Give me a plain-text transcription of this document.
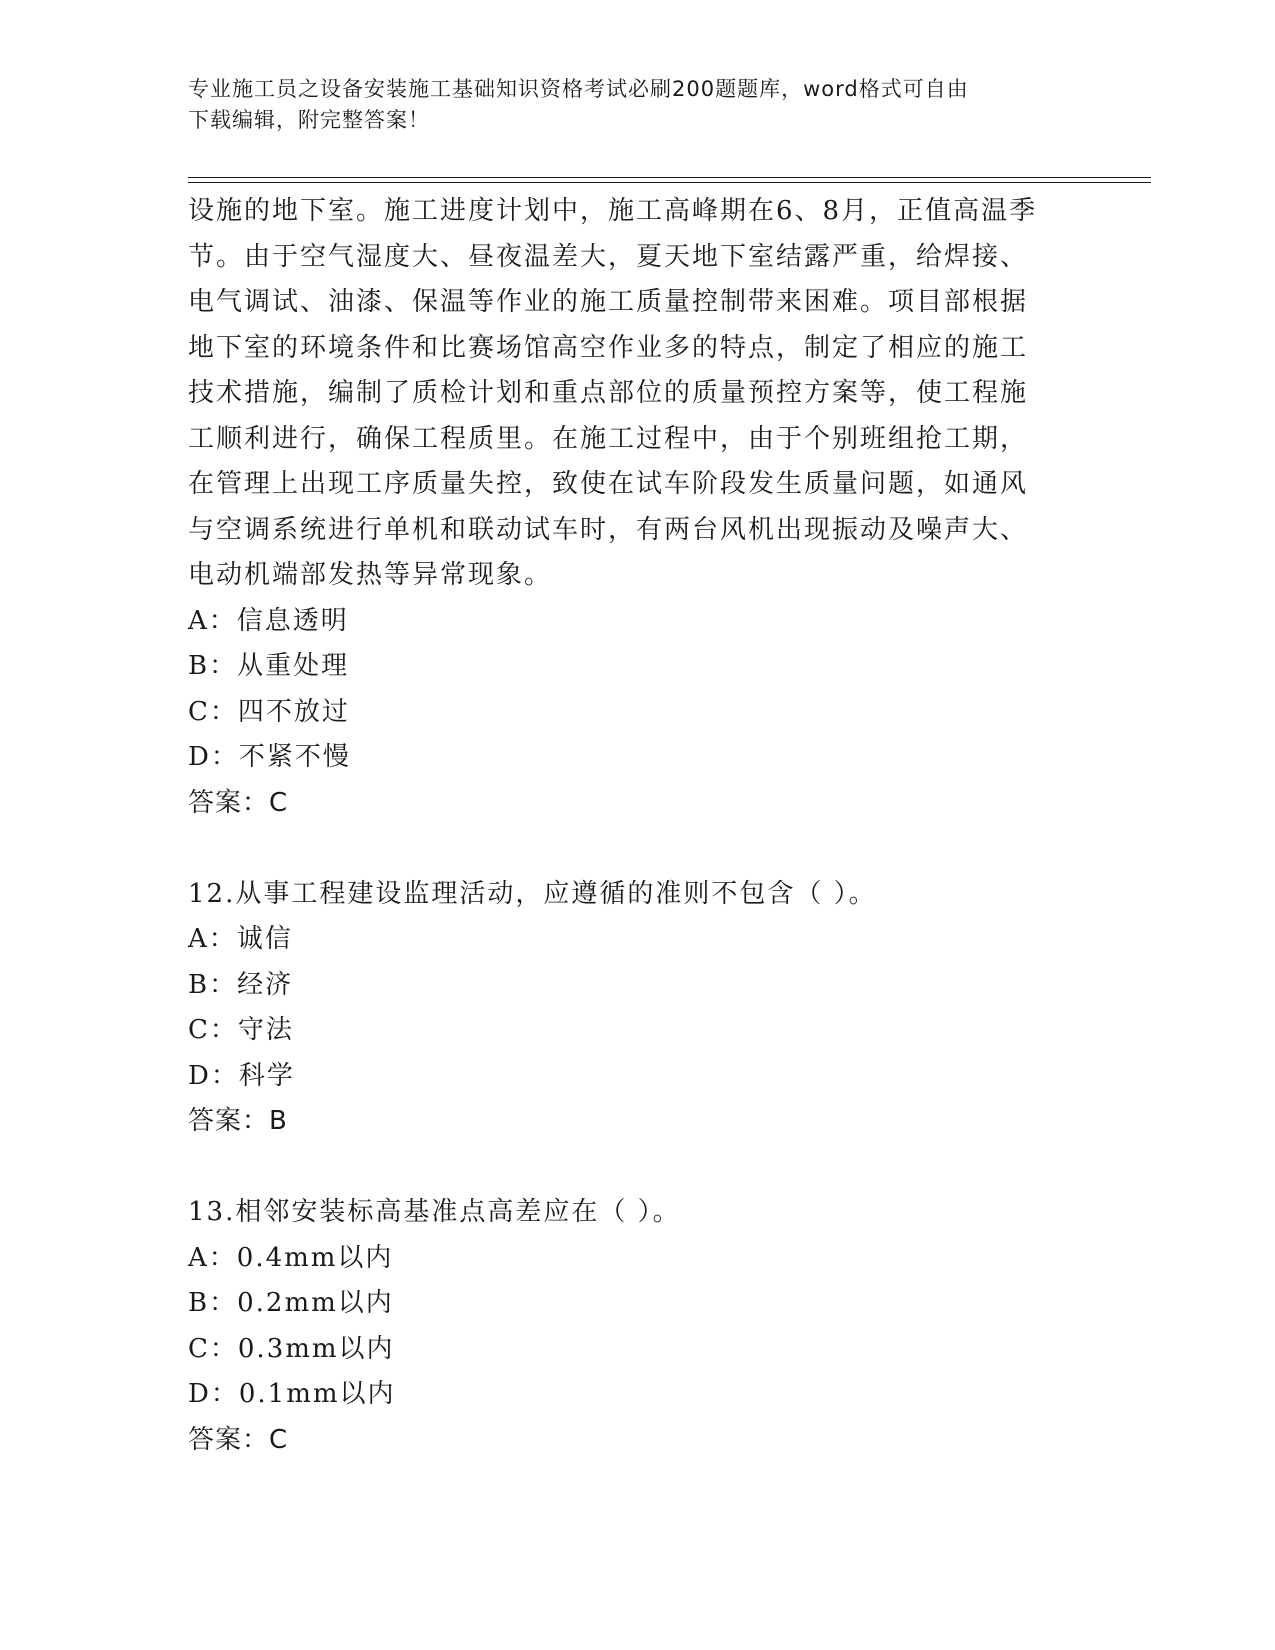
专业施工员之设备安装施工基础知识资格考试必刷200题题库，word格式可自由
下载编辑，附完整答案！
设施的地下室。施工进度计划中，施工高峰期在6、8月，正值高温季
节。由于空气湿度大、昼夜温差大，夏天地下室结露严重，给焊接、
电气调试、油漆、保温等作业的施工质量控制带来困难。项目部根据
地下室的环境条件和比赛场馆高空作业多的特点，制定了相应的施工
技术措施，编制了质检计划和重点部位的质量预控方案等，使工程施
工顺利进行，确保工程质里。在施工过程中，由于个别班组抢工期，
在管理上出现工序质量失控，致使在试车阶段发生质量问题，如通风
与空调系统进行单机和联动试车时，有两台风机出现振动及噪声大、
电动机端部发热等异常现象。
A：信息透明
B：从重处理
C：四不放过
D：不紧不慢
答案：C
12.从事工程建设监理活动，应遵循的准则不包含（ ）。
A：诚信
B：经济
C：守法
D：科学
答案：B
13.相邻安装标高基准点高差应在（ ）。
A：0.4mm以内
B：0.2mm以内
C：0.3mm以内
D：0.1mm以内
答案：C
